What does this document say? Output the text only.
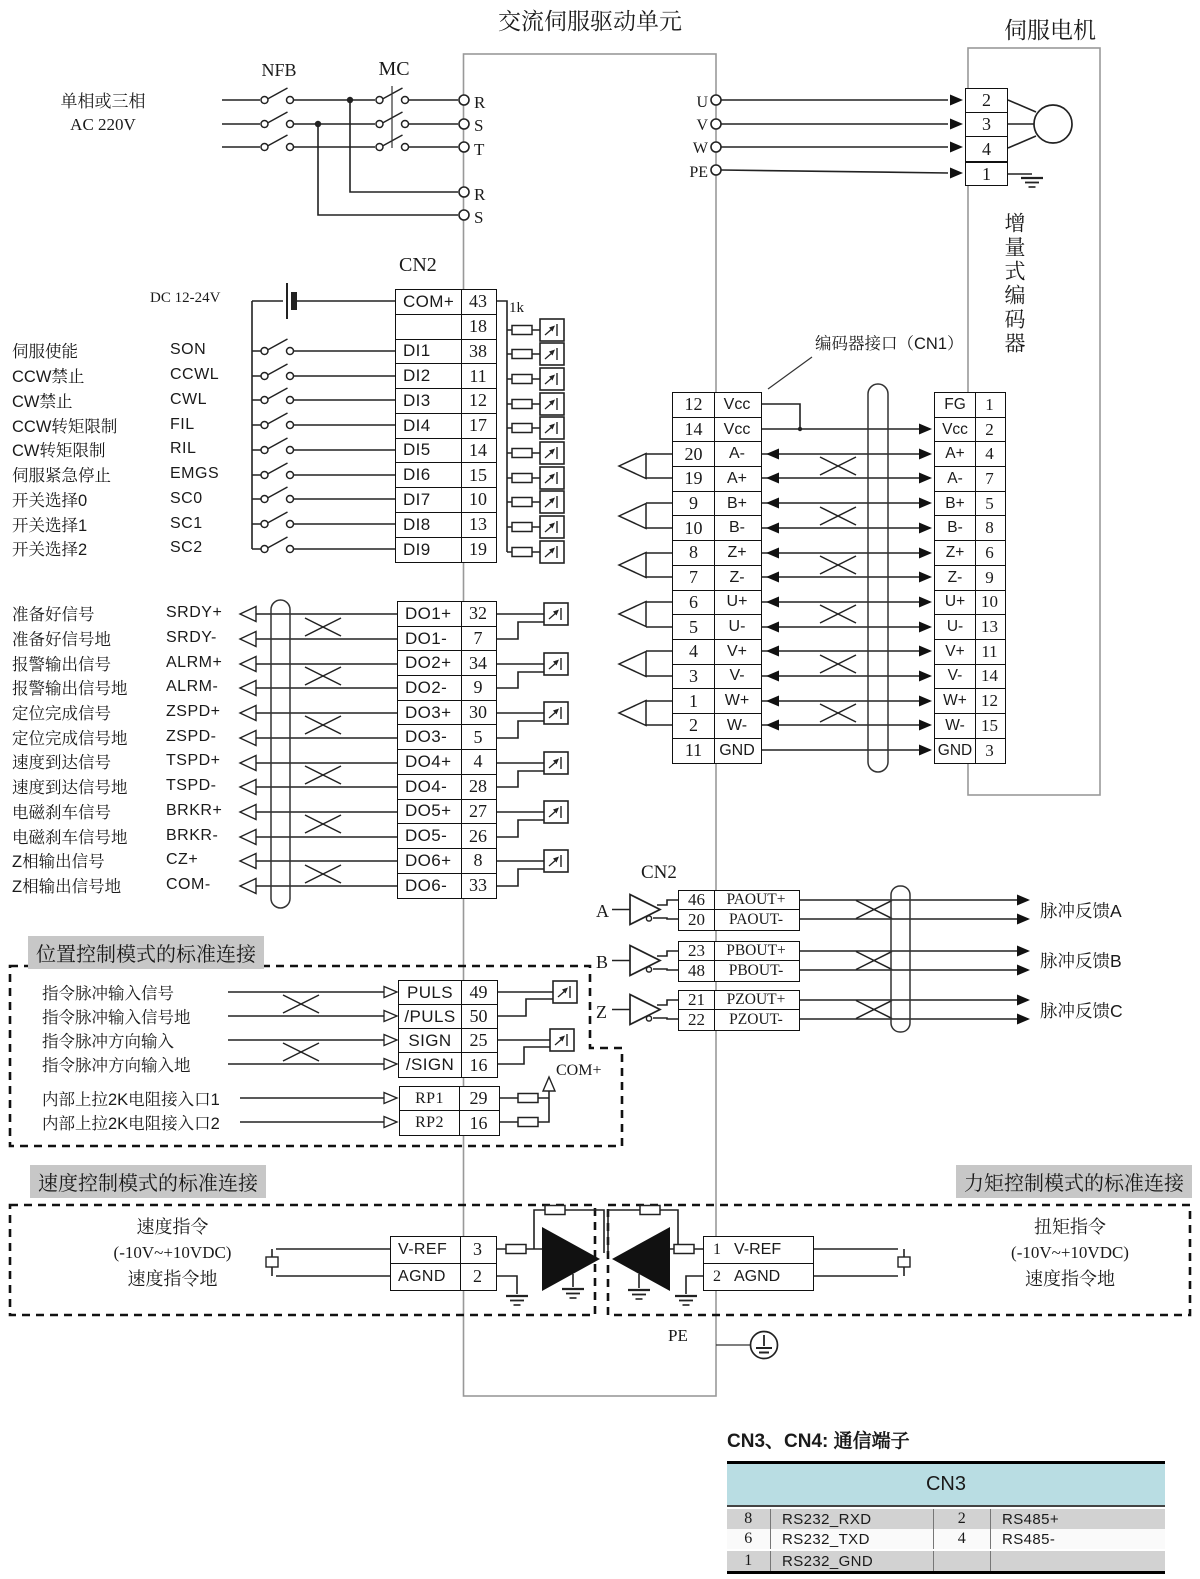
交流伺服驱动单元	伺服电机
单相或三相
AC 220V
NFB	MC
R
S
T
R
S
DC 12-24V
CN2
1k
COM+ 43
18
DI1	38
DI2	11
DI3	12
DI4	17
DI5	14
DI6	15
DI7	10
DI8	13
DI9	19
伺服使能	SON
CCW禁止	CCWL
CW禁止	CWL
CCW转矩限制	FIL
CW转矩限制	RIL
伺服紧急停止	EMGS
开关选择0	SC0
开关选择1	SC1
开关选择2	SC2
DO1+ 32
DO1-	7
DO2+ 34
DO2-	9
DO3+ 30
DO3-	5
DO4+	4
DO4-	28
DO5+ 27
DO5-	26
DO6+	8
DO6-	33
准备好信号	SRDY+
准备好信号地	SRDY-
报警输出信号	ALRM+
报警输出信号地	ALRM-
定位完成信号	ZSPD+
定位完成信号地	ZSPD-
速度到达信号	TSPD+
速度到达信号地	TSPD-
电磁刹车信号	BRKR+
电磁刹车信号地	BRKR-
Z相输出信号	CZ+
Z相输出信号地	COM-
编码器接口（CN1）
12	Vcc
14	Vcc
20	A-
19	A+
9	B+
10	B-
8	Z+
7	Z-
6	U+
5	U-
4	V+
3	V-
1	W+
2	W-
11	GND
FG	1
Vcc	2
A+	4
A-	7
B+	5
B-	8
Z+	6
Z-	9
U+ 10
U-	13
V+ 11
V-	14
W+ 12
W- 15
GND 3
U
V
W
PE
2
3
4
1
增量式编码器
CN2
A
B
Z
46	PAOUT+
20	PAOUT-
23	PBOUT+
48	PBOUT-
21	PZOUT+
22	PZOUT-
脉冲反馈A
脉冲反馈B
脉冲反馈C
位置控制模式的标准连接
指令脉冲输入信号
指令脉冲输入信号地
指令脉冲方向输入
指令脉冲方向输入地
内部上拉2K电阻接入口1
内部上拉2K电阻接入口2
PULS 49
/PULS 50
SIGN 25
/SIGN 16
RP1	29
RP2	16
COM+
速度控制模式的标准连接
速度指令
(-10V~+10VDC)
速度指令地
V-REF	3
AGND	2
力矩控制模式的标准连接
扭矩指令
(-10V~+10VDC)
速度指令地
1 V-REF
2 AGND
PE
CN3、CN4: 通信端子
CN3
8	RS232_RXD	2	RS485+
6	RS232_TXD	4	RS485-
1	RS232_GND
